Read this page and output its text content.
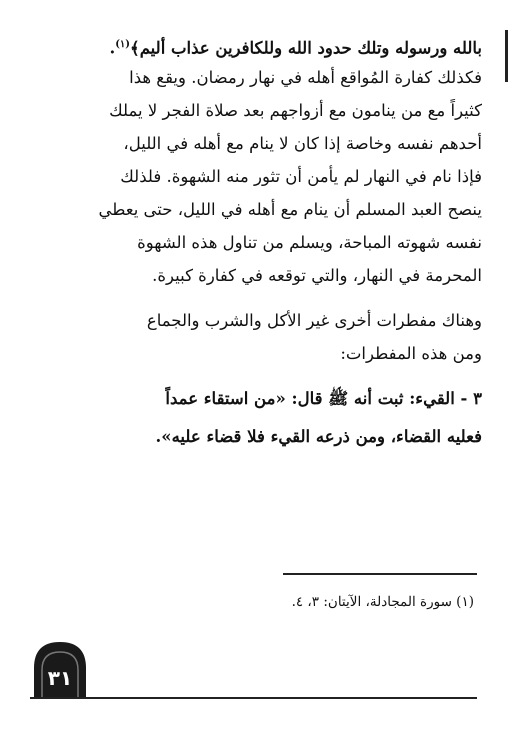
بالله ورسوله وتلك حدود الله وللكافرين عذاب أليم﴾$^{(١)}$.
فكذلك كفارة المُواقع أهله في نهار رمضان. ويقع هذا
كثيراً مع من ينامون مع أزواجهم بعد صلاة الفجر لا يملك
أحدهم نفسه وخاصة إذا كان لا ينام مع أهله في الليل،
فإذا نام في النهار لم يأمن أن تثور منه الشهوة. فلذلك
ينصح العبد المسلم أن ينام مع أهله في الليل، حتى يعطي
نفسه شهوته المباحة، ويسلم من تناول هذه الشهوة
المحرمة في النهار، والتي توقعه في كفارة كبيرة.
وهناك مفطرات أخرى غير الأكل والشرب والجماع
ومن هذه المفطرات:
٣ - القيء: ثبت أنه ﷺ قال: «من استقاء عمداً
فعليه القضاء، ومن ذرعه القيء فلا قضاء عليه».
(١) سورة المجادلة، الآيتان: ٣، ٤.
٣١
